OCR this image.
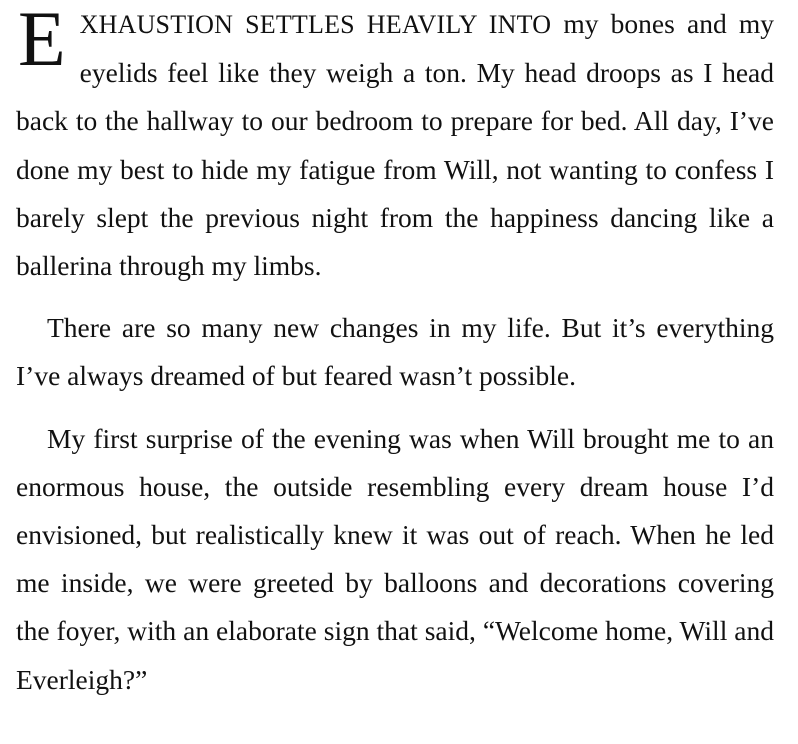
EXHAUSTION SETTLES HEAVILY INTO my bones and my eyelids feel like they weigh a ton. My head droops as I head back to the hallway to our bedroom to prepare for bed. All day, I’ve done my best to hide my fatigue from Will, not wanting to confess I barely slept the previous night from the happiness dancing like a ballerina through my limbs.

There are so many new changes in my life. But it’s everything I’ve always dreamed of but feared wasn’t possible.

My first surprise of the evening was when Will brought me to an enormous house, the outside resembling every dream house I’d envisioned, but realistically knew it was out of reach. When he led me inside, we were greeted by balloons and decorations covering the foyer, with an elaborate sign that said, “Welcome home, Will and Everleigh?”
